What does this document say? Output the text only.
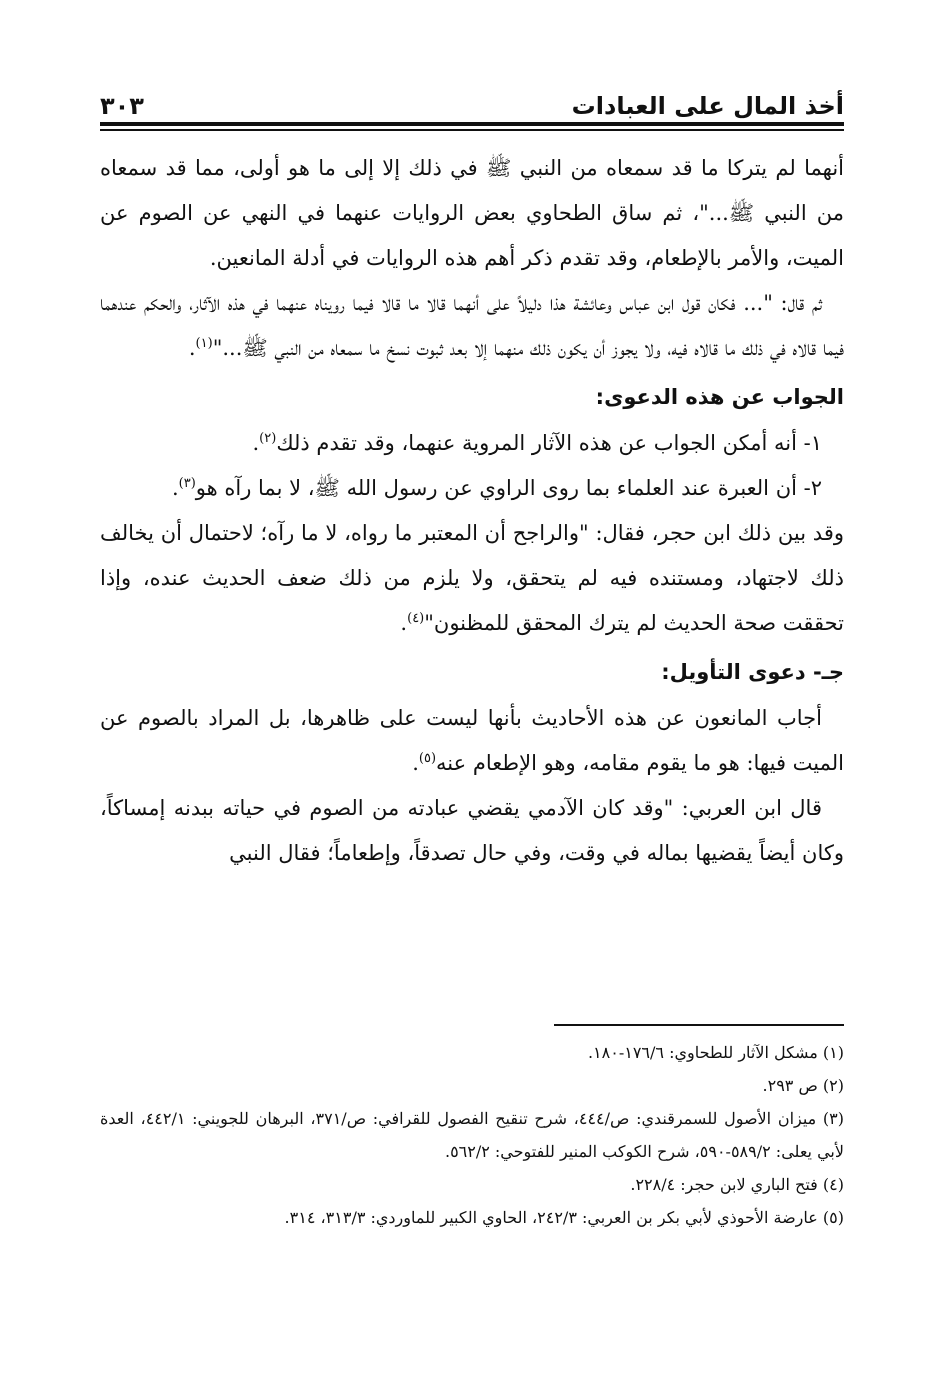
أخذ المال على العبادات
٣٠٣

أنهما لم يتركا ما قد سمعاه من النبي ﷺ في ذلك إلا إلى ما هو أولى، مما قد سمعاه من النبي ﷺ..."، ثم ساق الطحاوي بعض الروايات عنهما في النهي عن الصوم عن الميت، والأمر بالإطعام، وقد تقدم ذكر أهم هذه الروايات في أدلة المانعين.

ثم قال: "... فكان قول ابن عباس وعائشة هذا دليلاً على أنهما قالا ما قالا فيما رويناه عنهما في هذه الآثار، والحكم عندهما فيما قالاه في ذلك ما قالاه فيه، ولا يجوز أن يكون ذلك منهما إلا بعد ثبوت نسخ ما سمعاه من النبي ﷺ..."$^{(١)}$.

الجواب عن هذه الدعوى:

١- أنه أمكن الجواب عن هذه الآثار المروية عنهما، وقد تقدم ذلك$^{(٢)}$.

٢- أن العبرة عند العلماء بما روى الراوي عن رسول الله ﷺ، لا بما رآه هو$^{(٣)}$.

وقد بين ذلك ابن حجر، فقال: "والراجح أن المعتبر ما رواه، لا ما رآه؛ لاحتمال أن يخالف ذلك لاجتهاد، ومستنده فيه لم يتحقق، ولا يلزم من ذلك ضعف الحديث عنده، وإذا تحققت صحة الحديث لم يترك المحقق للمظنون"$^{(٤)}$.

جـ- دعوى التأويل:

أجاب المانعون عن هذه الأحاديث بأنها ليست على ظاهرها، بل المراد بالصوم عن الميت فيها: هو ما يقوم مقامه، وهو الإطعام عنه$^{(٥)}$.

قال ابن العربي: "وقد كان الآدمي يقضي عبادته من الصوم في حياته ببدنه إمساكاً، وكان أيضاً يقضيها بماله في وقت، وفي حال تصدقاً، وإطعاماً؛ فقال النبي

(١) مشكل الآثار للطحاوي: ١٧٦/٦-١٨٠.

(٢) ص ٢٩٣.

(٣) ميزان الأصول للسمرقندي: ص/٤٤٤، شرح تنقيح الفصول للقرافي: ص/٣٧١، البرهان للجويني: ٤٤٢/١، العدة لأبي يعلى: ٥٨٩/٢-٥٩٠، شرح الكوكب المنير للفتوحي: ٥٦٢/٢.

(٤) فتح الباري لابن حجر: ٢٢٨/٤.

(٥) عارضة الأحوذي لأبي بكر بن العربي: ٢٤٢/٣، الحاوي الكبير للماوردي: ٣١٣/٣، ٣١٤.
